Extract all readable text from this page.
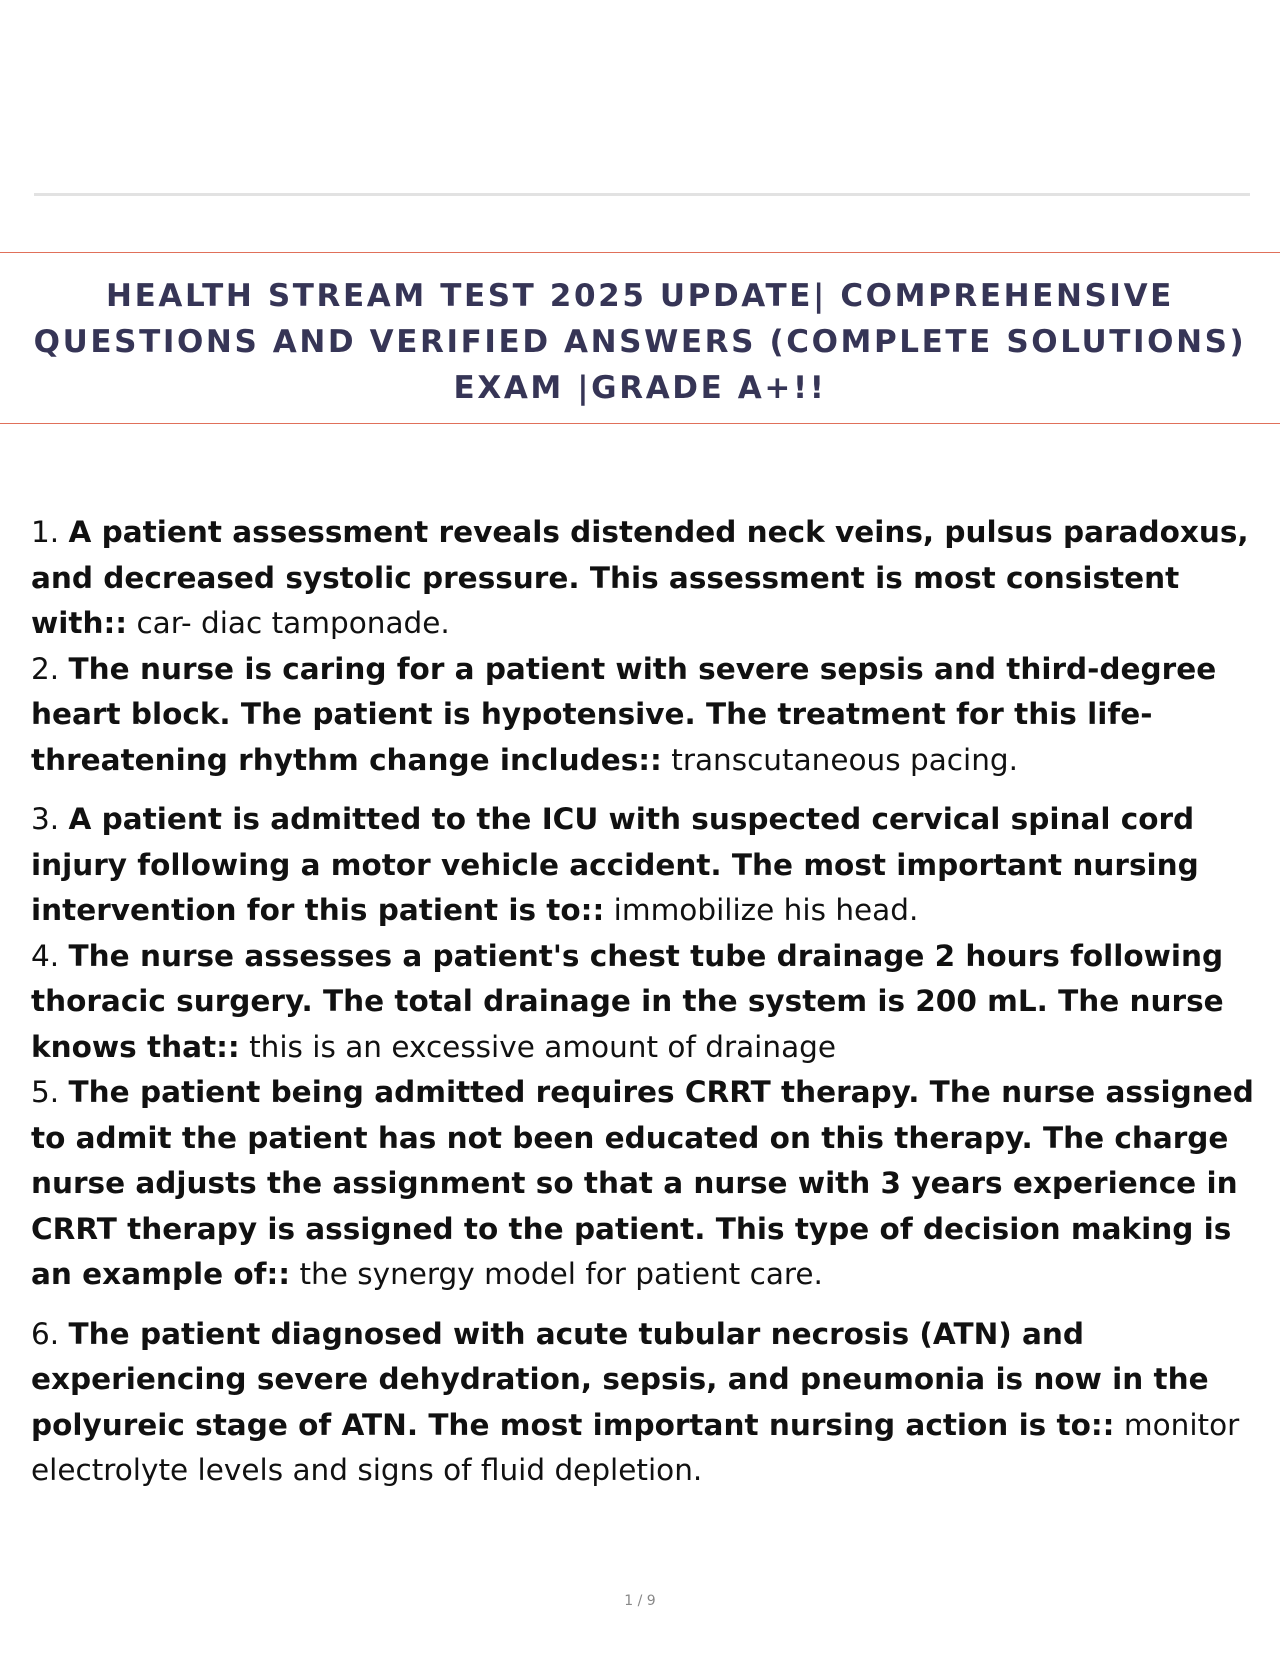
HEALTH STREAM TEST 2025 UPDATE| COMPREHENSIVE QUESTIONS AND VERIFIED ANSWERS (COMPLETE SOLUTIONS) EXAM |GRADE A+!!

1. A patient assessment reveals distended neck veins, pulsus paradoxus, and decreased systolic pressure. This assessment is most consistent with:: car- diac tamponade.

2. The nurse is caring for a patient with severe sepsis and third-degree heart block. The patient is hypotensive. The treatment for this life-threatening rhythm change includes:: transcutaneous pacing.

3. A patient is admitted to the ICU with suspected cervical spinal cord injury following a motor vehicle accident. The most important nursing intervention for this patient is to:: immobilize his head.

4. The nurse assesses a patient's chest tube drainage 2 hours following thoracic surgery. The total drainage in the system is 200 mL. The nurse knows that:: this is an excessive amount of drainage

5. The patient being admitted requires CRRT therapy. The nurse assigned to admit the patient has not been educated on this therapy. The charge nurse adjusts the assignment so that a nurse with 3 years experience in CRRT therapy is assigned to the patient. This type of decision making is an example of:: the synergy model for patient care.

6. The patient diagnosed with acute tubular necrosis (ATN) and experiencing severe dehydration, sepsis, and pneumonia is now in the polyureic stage of ATN. The most important nursing action is to:: monitor electrolyte levels and signs of fluid depletion.

1 / 9
